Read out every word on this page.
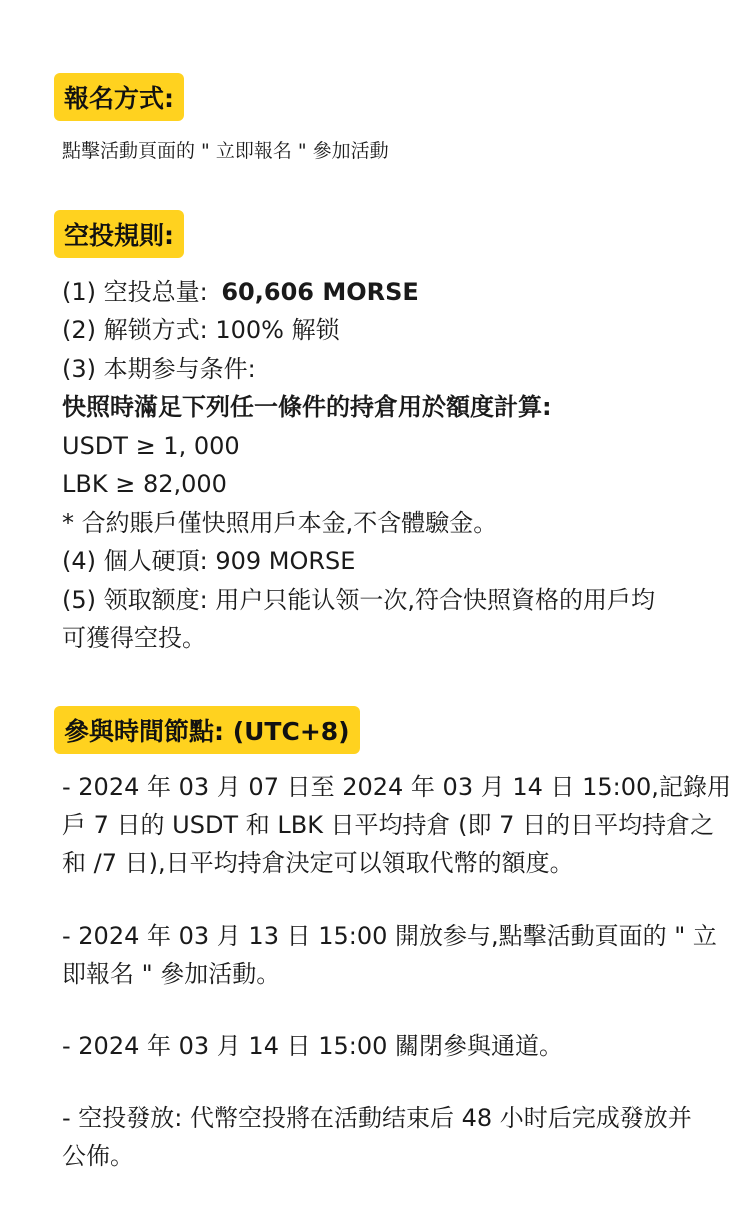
報名方式:
點擊活動頁面的 " 立即報名 " 參加活動
空投規則:
(1) 空投总量: 60,606 MORSE
(2) 解锁方式: 100% 解锁
(3) 本期参与条件:
快照時滿足下列任一條件的持倉用於額度計算:
USDT ≥ 1, 000
LBK ≥ 82,000
* 合約賬戶僅快照用戶本金,不含體驗金。
(4) 個人硬頂: 909 MORSE
(5) 领取额度: 用户只能认领一次,符合快照資格的用戶均
可獲得空投。
參與時間節點: (UTC+8)
- 2024 年 03 月 07 日至 2024 年 03 月 14 日 15:00,記錄用
戶 7 日的 USDT 和 LBK 日平均持倉 (即 7 日的日平均持倉之
和 /7 日),日平均持倉決定可以領取代幣的額度。
- 2024 年 03 月 13 日 15:00 開放参与,點擊活動頁面的 " 立
即報名 " 參加活動。
- 2024 年 03 月 14 日 15:00 關閉參與通道。
- 空投發放: 代幣空投將在活動结束后 48 小时后完成發放并
公佈。
